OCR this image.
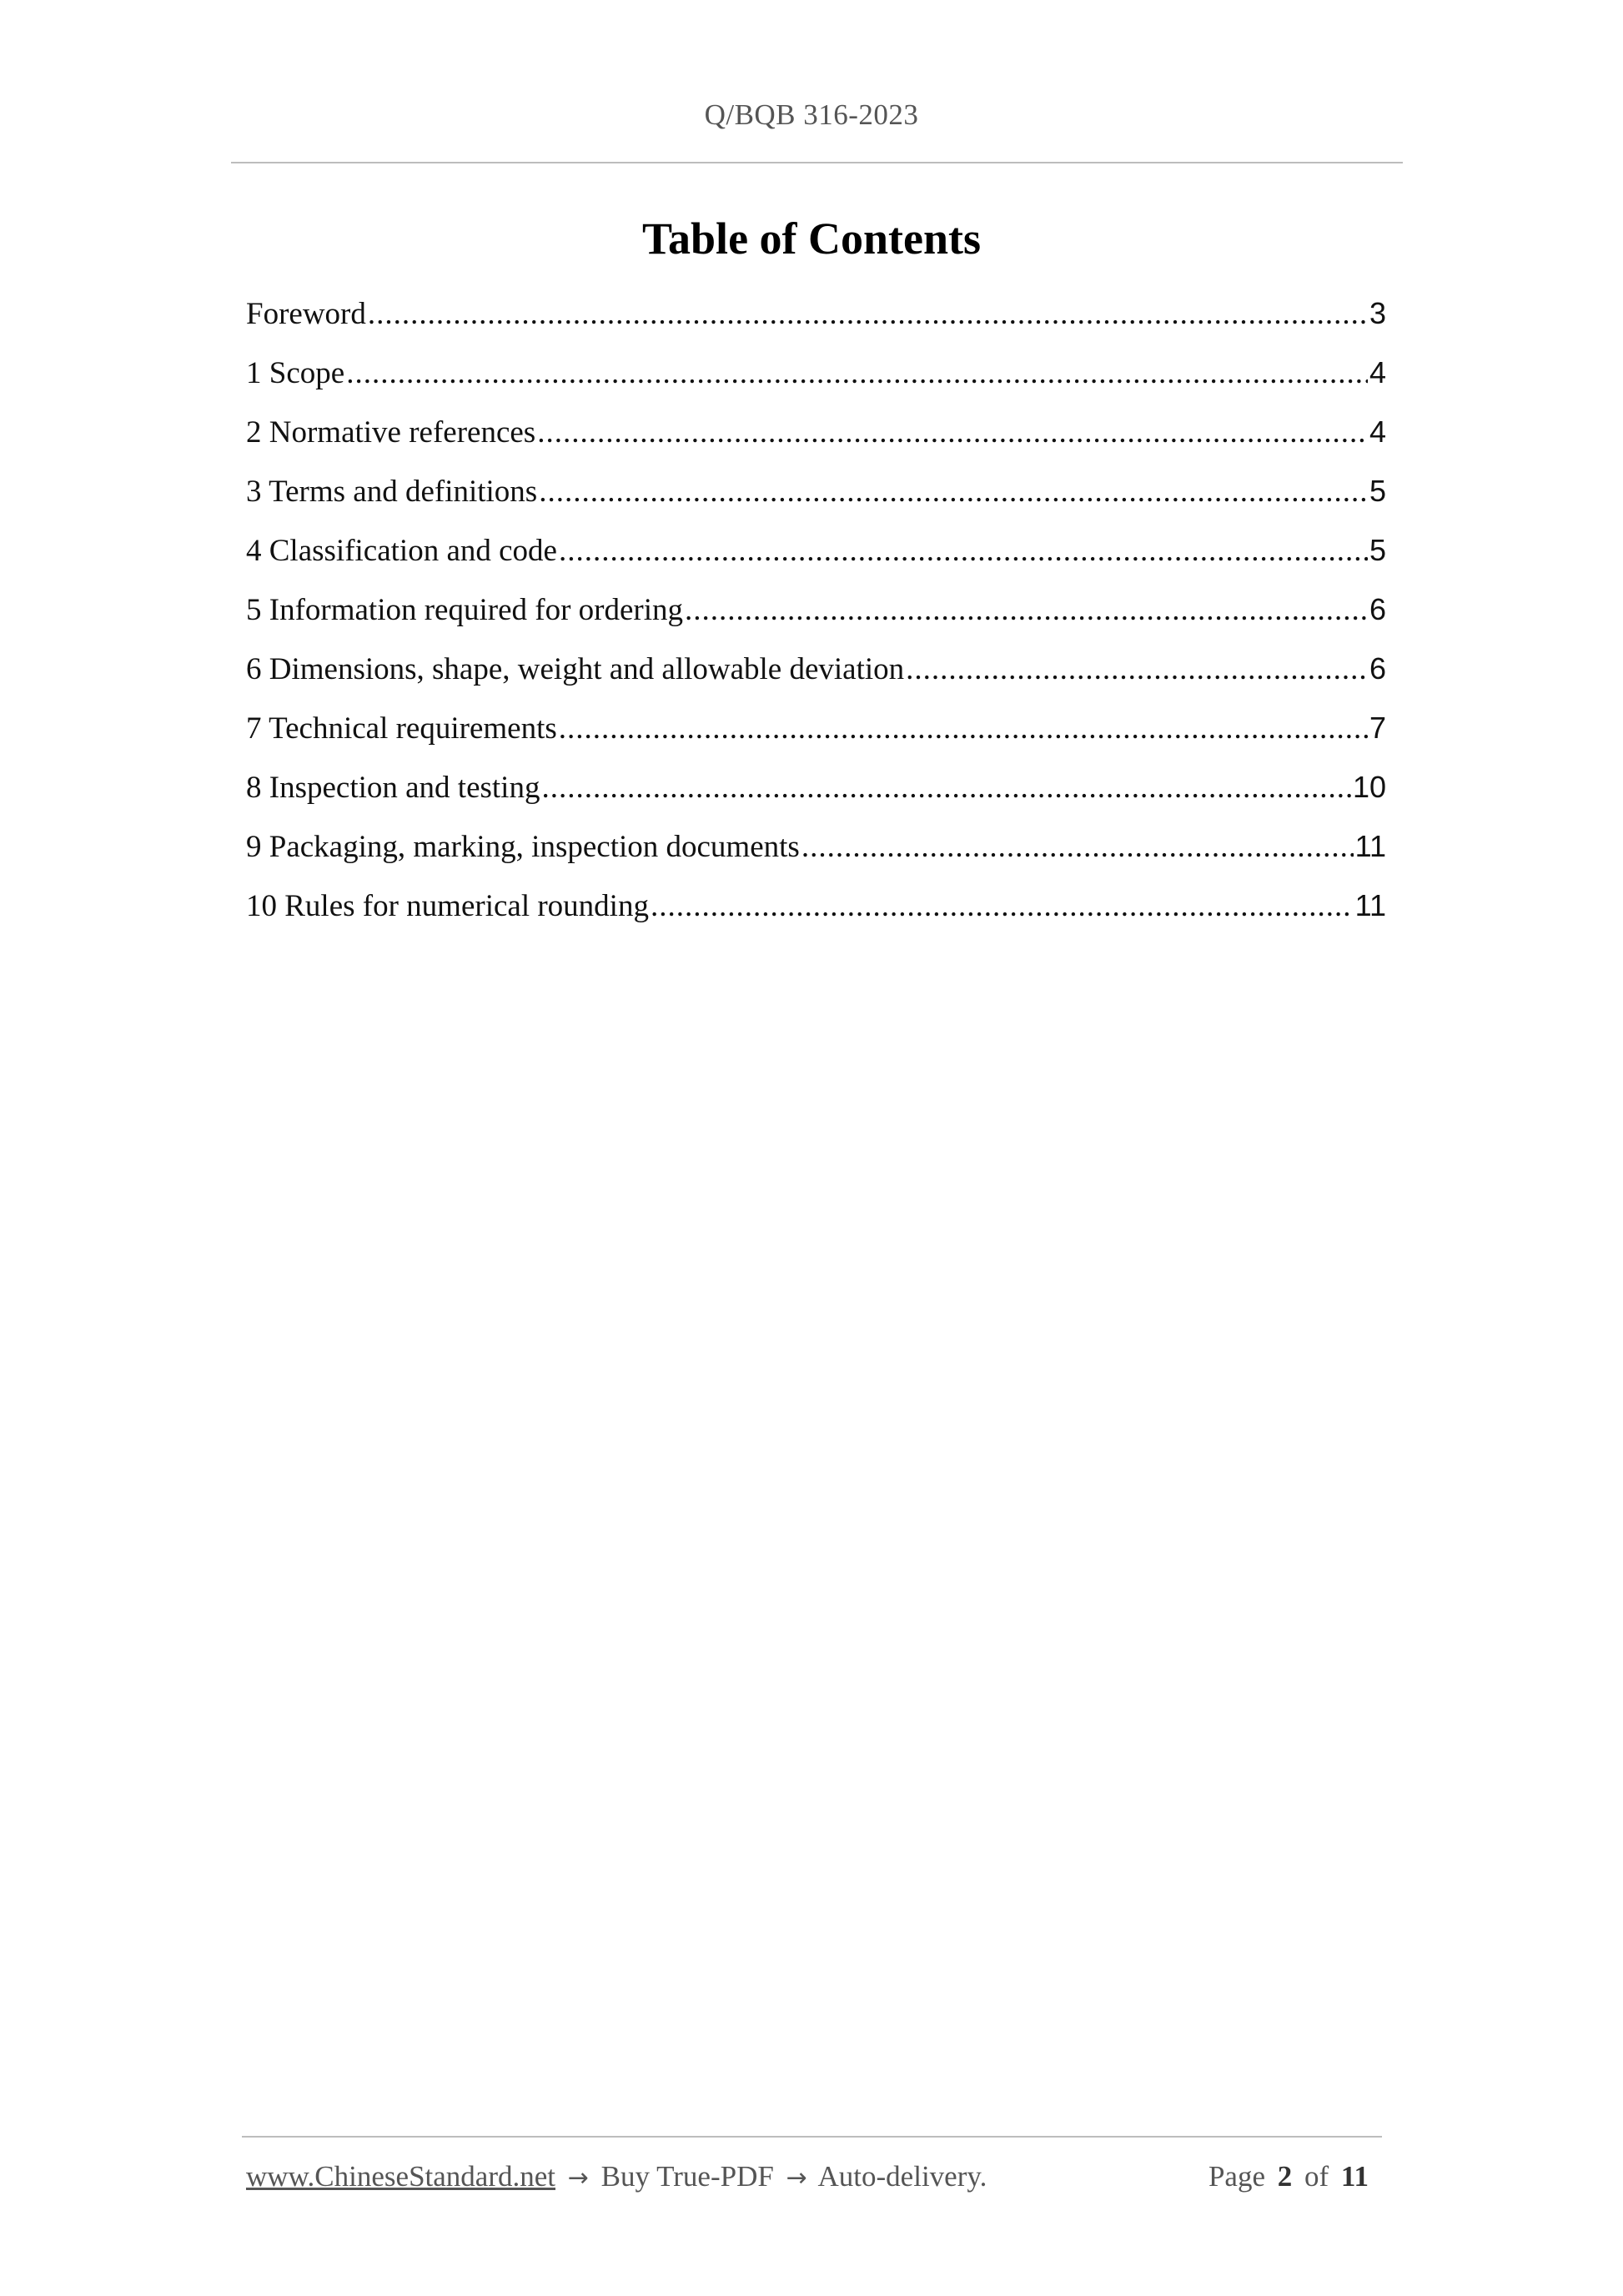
Q/BQB 316-2023
Table of Contents
Foreword .....	3
1 Scope .....	4
2 Normative references .....	4
3 Terms and definitions .....	5
4 Classification and code .....	5
5 Information required for ordering .....	6
6 Dimensions, shape, weight and allowable deviation .....	6
7 Technical requirements .....	7
8 Inspection and testing .....	10
9 Packaging, marking, inspection documents .....	11
10 Rules for numerical rounding .....	11
www.ChineseStandard.net → Buy True-PDF → Auto-delivery.	Page 2 of 11
